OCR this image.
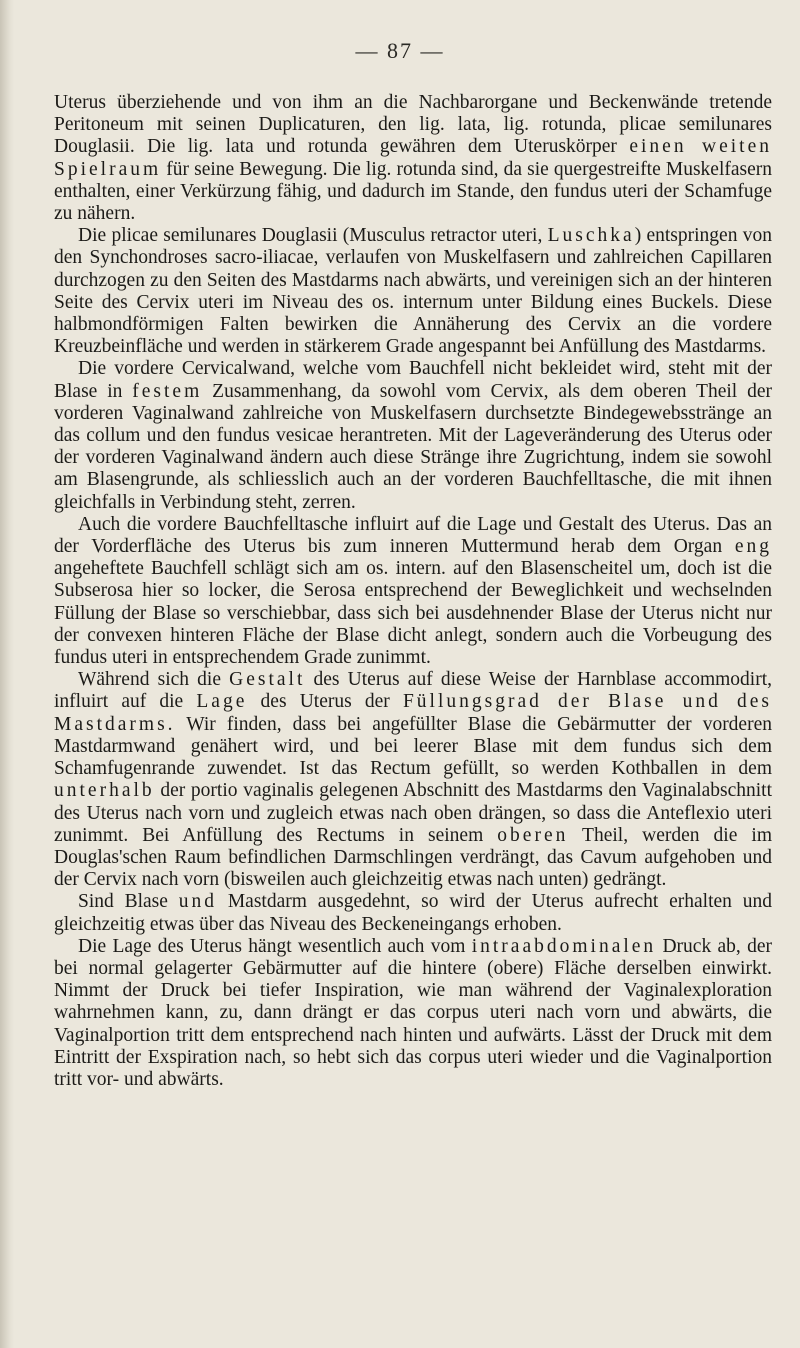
— 87 —

Uterus überziehende und von ihm an die Nachbarorgane und Beckenwände tretende Peritoneum mit seinen Duplicaturen, den lig. lata, lig. rotunda, plicae semilunares Douglasii. Die lig. lata und rotunda gewähren dem Uteruskörper einen weiten Spielraum für seine Bewegung. Die lig. rotunda sind, da sie quergestreifte Muskelfasern enthalten, einer Verkürzung fähig, und dadurch im Stande, den fundus uteri der Schamfuge zu nähern.

Die plicae semilunares Douglasii (Musculus retractor uteri, Luschka) entspringen von den Synchondroses sacro-iliacae, verlaufen von Muskelfasern und zahlreichen Capillaren durchzogen zu den Seiten des Mastdarms nach abwärts, und vereinigen sich an der hinteren Seite des Cervix uteri im Niveau des os. internum unter Bildung eines Buckels. Diese halbmondförmigen Falten bewirken die Annäherung des Cervix an die vordere Kreuzbeinfläche und werden in stärkerem Grade angespannt bei Anfüllung des Mastdarms.

Die vordere Cervicalwand, welche vom Bauchfell nicht bekleidet wird, steht mit der Blase in festem Zusammenhang, da sowohl vom Cervix, als dem oberen Theil der vorderen Vaginalwand zahlreiche von Muskelfasern durchsetzte Bindegewebsstränge an das collum und den fundus vesicae herantreten. Mit der Lageveränderung des Uterus oder der vorderen Vaginalwand ändern auch diese Stränge ihre Zugrichtung, indem sie sowohl am Blasengrunde, als schliesslich auch an der vorderen Bauchfelltasche, die mit ihnen gleichfalls in Verbindung steht, zerren.

Auch die vordere Bauchfelltasche influirt auf die Lage und Gestalt des Uterus. Das an der Vorderfläche des Uterus bis zum inneren Muttermund herab dem Organ eng angeheftete Bauchfell schlägt sich am os. intern. auf den Blasenscheitel um, doch ist die Subserosa hier so locker, die Serosa entsprechend der Beweglichkeit und wechselnden Füllung der Blase so verschiebbar, dass sich bei ausdehnender Blase der Uterus nicht nur der convexen hinteren Fläche der Blase dicht anlegt, sondern auch die Vorbeugung des fundus uteri in entsprechendem Grade zunimmt.

Während sich die Gestalt des Uterus auf diese Weise der Harnblase accommodirt, influirt auf die Lage des Uterus der Füllungsgrad der Blase und des Mastdarms. Wir finden, dass bei angefüllter Blase die Gebärmutter der vorderen Mastdarmwand genähert wird, und bei leerer Blase mit dem fundus sich dem Schamfugenrande zuwendet. Ist das Rectum gefüllt, so werden Kothballen in dem unterhalb der portio vaginalis gelegenen Abschnitt des Mastdarms den Vaginalabschnitt des Uterus nach vorn und zugleich etwas nach oben drängen, so dass die Anteflexio uteri zunimmt. Bei Anfüllung des Rectums in seinem oberen Theil, werden die im Douglas'schen Raum befindlichen Darmschlingen verdrängt, das Cavum aufgehoben und der Cervix nach vorn (bisweilen auch gleichzeitig etwas nach unten) gedrängt.

Sind Blase und Mastdarm ausgedehnt, so wird der Uterus aufrecht erhalten und gleichzeitig etwas über das Niveau des Beckeneingangs erhoben.

Die Lage des Uterus hängt wesentlich auch vom intraabdominalen Druck ab, der bei normal gelagerter Gebärmutter auf die hintere (obere) Fläche derselben einwirkt. Nimmt der Druck bei tiefer Inspiration, wie man während der Vaginalexploration wahrnehmen kann, zu, dann drängt er das corpus uteri nach vorn und abwärts, die Vaginalportion tritt dem entsprechend nach hinten und aufwärts. Lässt der Druck mit dem Eintritt der Exspiration nach, so hebt sich das corpus uteri wieder und die Vaginalportion tritt vor- und abwärts.
